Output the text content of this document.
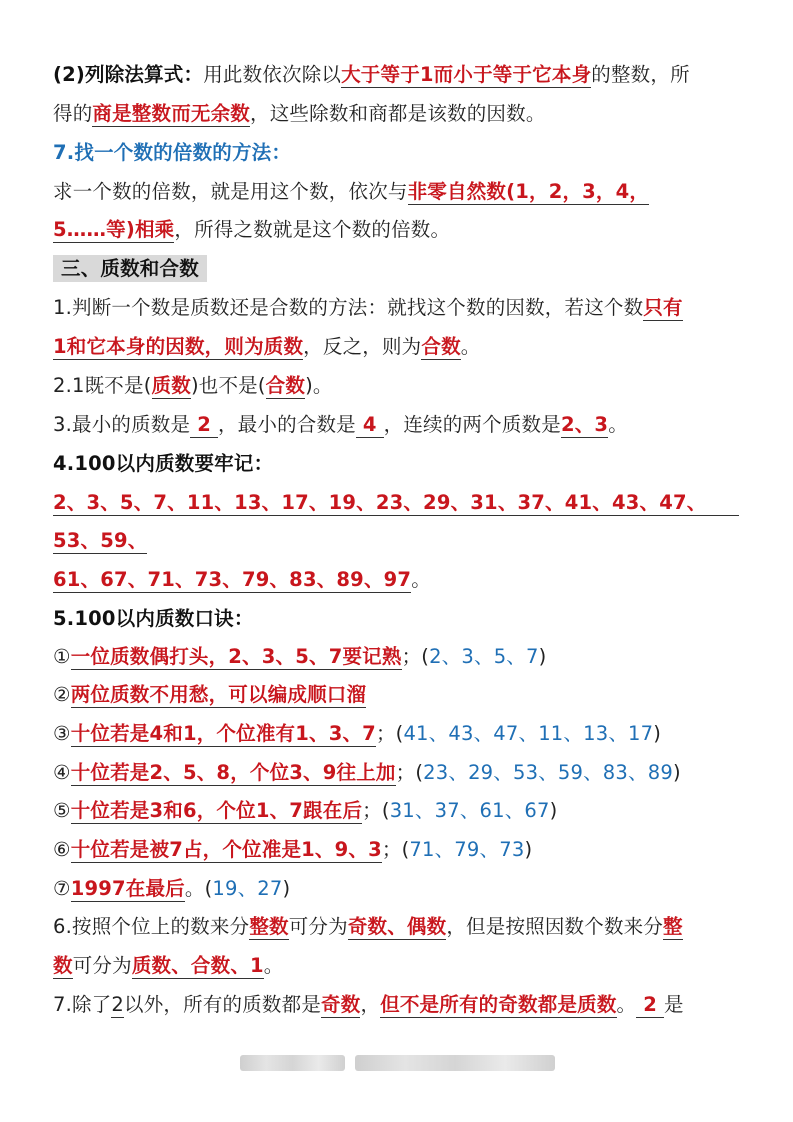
(2)列除法算式：用此数依次除以大于等于1而小于等于它本身的整数，所
得的商是整数而无余数，这些除数和商都是该数的因数。
7.找一个数的倍数的方法：
求一个数的倍数，就是用这个数，依次与非零自然数(1，2，3，4，
5……等)相乘，所得之数就是这个数的倍数。
三、质数和合数
1.判断一个数是质数还是合数的方法：就找这个数的因数，若这个数只有
1和它本身的因数，则为质数，反之，则为合数。
2.1既不是(质数)也不是(合数)。
3.最小的质数是 2 ，最小的合数是 4 ，连续的两个质数是2、3。
4.100以内质数要牢记：
2、3、5、7、11、13、17、19、23、29、31、37、41、43、47、
53、59、
61、67、71、73、79、83、89、97。
5.100以内质数口诀：
①一位质数偶打头，2、3、5、7要记熟；(2、3、5、7)
②两位质数不用愁，可以编成顺口溜
③十位若是4和1，个位准有1、3、7；(41、43、47、11、13、17)
④十位若是2、5、8，个位3、9往上加；(23、29、53、59、83、89)
⑤十位若是3和6，个位1、7跟在后；(31、37、61、67)
⑥十位若是被7占，个位准是1、9、3；(71、79、73)
⑦1997在最后。(19、27)
6.按照个位上的数来分整数可分为奇数、偶数，但是按照因数个数来分整
数可分为质数、合数、1。
7.除了2以外，所有的质数都是奇数，但不是所有的奇数都是质数。 2 是
